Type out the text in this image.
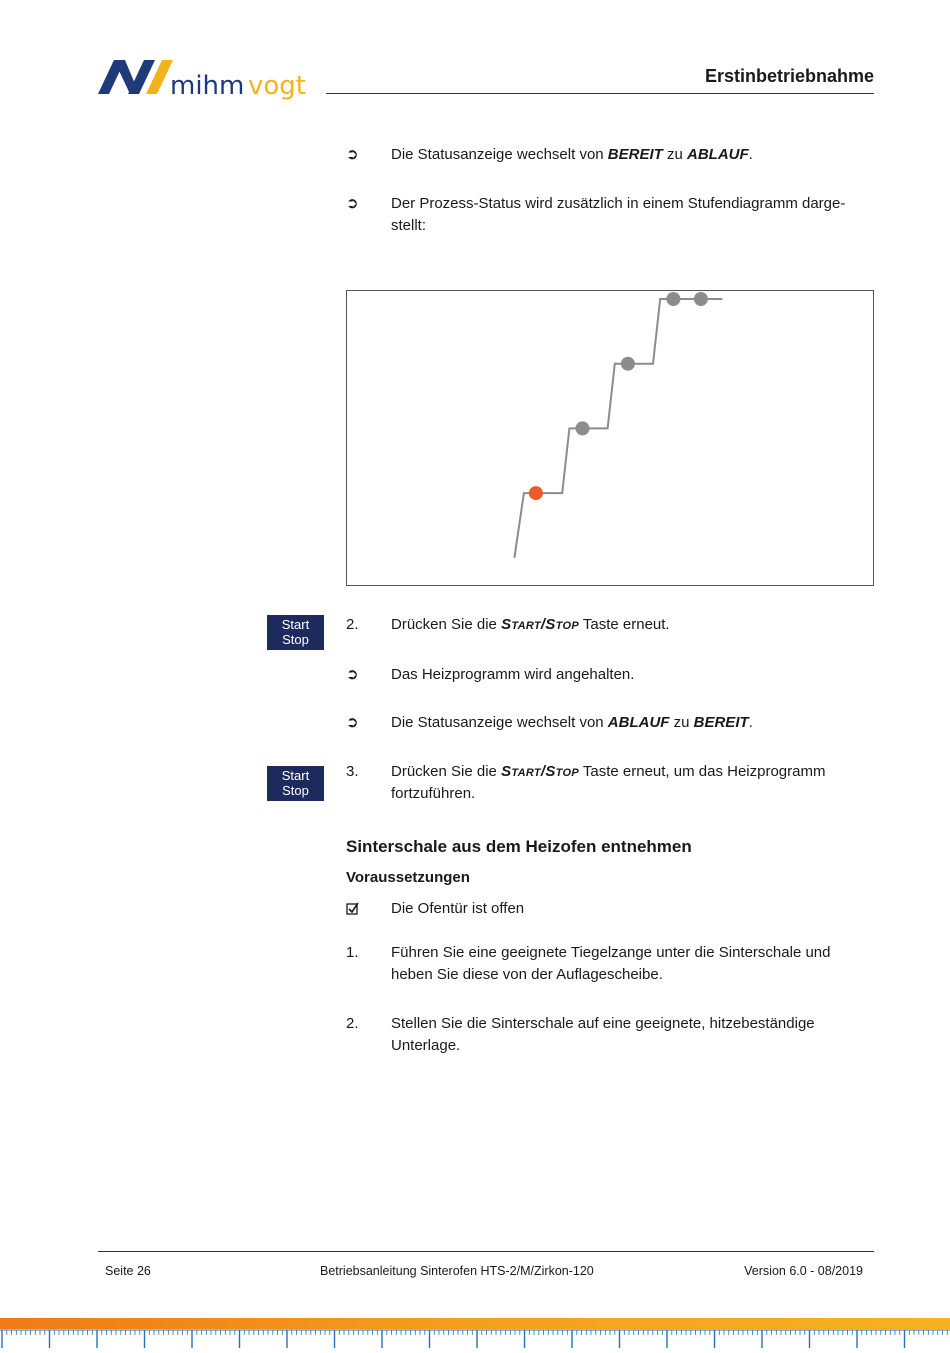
mihm vogt	Erstinbetriebnahme
➲ Die Statusanzeige wechselt von BEREIT zu ABLAUF.
➲ Der Prozess-Status wird zusätzlich in einem Stufendiagramm darge-
stellt:
Start
Stop
2. Drücken Sie die Start/Stop Taste erneut.
➲ Das Heizprogramm wird angehalten.
➲ Die Statusanzeige wechselt von ABLAUF zu BEREIT.
Start
Stop
3. Drücken Sie die Start/Stop Taste erneut, um das Heizprogramm
fortzuführen.
Sinterschale aus dem Heizofen entnehmen
Voraussetzungen
Die Ofentür ist offen
1. Führen Sie eine geeignete Tiegelzange unter die Sinterschale und
heben Sie diese von der Auflagescheibe.
2. Stellen Sie die Sinterschale auf eine geeignete, hitzebeständige
Unterlage.
Seite 26	Betriebsanleitung Sinterofen HTS-2/M/Zirkon-120	Version 6.0 - 08/2019
